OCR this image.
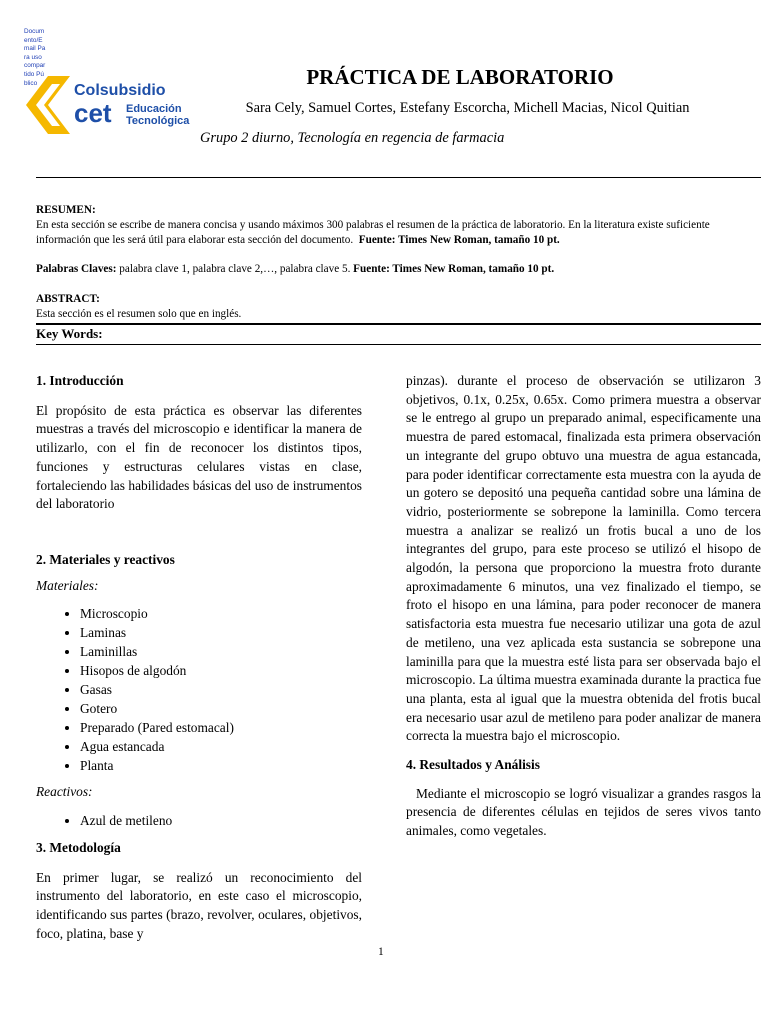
Documento/Email Para uso compartido Público	Colsubsidio
cet Educación
Tecnológica
PRÁCTICA DE LABORATORIO
Sara Cely, Samuel Cortes, Estefany Escorcha, Michell Macias, Nicol Quitian
Grupo 2 diurno, Tecnología en regencia de farmacia
RESUMEN:
En esta sección se escribe de manera concisa y usando máximos 300 palabras el resumen de la práctica de laboratorio. En la literatura existe suficiente información que les será útil para elaborar esta sección del documento. Fuente: Times New Roman, tamaño 10 pt.
Palabras Claves: palabra clave 1, palabra clave 2,…, palabra clave 5. Fuente: Times New Roman, tamaño 10 pt.
ABSTRACT:
Esta sección es el resumen solo que en inglés.
Key Words:
1. Introducción

El propósito de esta práctica es observar las diferentes muestras a través del microscopio e identificar la manera de utilizarlo, con el fin de reconocer los distintos tipos, funciones y estructuras celulares vistas en clase, fortaleciendo las habilidades básicas del uso de instrumentos del laboratorio

2. Materiales y reactivos
Materiales:
• Microscopio
• Laminas
• Laminillas
• Hisopos de algodón
• Gasas
• Gotero
• Preparado (Pared estomacal)
• Agua estancada
• Planta
Reactivos:
• Azul de metileno
3. Metodología

En primer lugar, se realizó un reconocimiento del instrumento del laboratorio, en este caso el microscopio, identificando sus partes (brazo, revolver, oculares, objetivos, foco, platina, base y

pinzas). durante el proceso de observación se utilizaron 3 objetivos, 0.1x, 0.25x, 0.65x. Como primera muestra a observar se le entrego al grupo un preparado animal, especificamente una muestra de pared estomacal, finalizada esta primera observación un integrante del grupo obtuvo una muestra de agua estancada, para poder identificar correctamente esta muestra con la ayuda de un gotero se depositó una pequeña cantidad sobre una lámina de vidrio, posteriormente se sobrepone la laminilla. Como tercera muestra a analizar se realizó un frotis bucal a uno de los integrantes del grupo, para este proceso se utilizó el hisopo de algodón, la persona que proporciono la muestra froto durante aproximadamente 6 minutos, una vez finalizado el tiempo, se froto el hisopo en una lámina, para poder reconocer de manera satisfactoria esta muestra fue necesario utilizar una gota de azul de metileno, una vez aplicada esta sustancia se sobrepone una laminilla para que la muestra esté lista para ser observada bajo el microscopio. La última muestra examinada durante la practica fue una planta, esta al igual que la muestra obtenida del frotis bucal era necesario usar azul de metileno para poder analizar de manera correcta la muestra bajo el microscopio.

4. Resultados y Análisis

Mediante el microscopio se logró visualizar a grandes rasgos la presencia de diferentes células en tejidos de seres vivos tanto animales, como vegetales.

1
